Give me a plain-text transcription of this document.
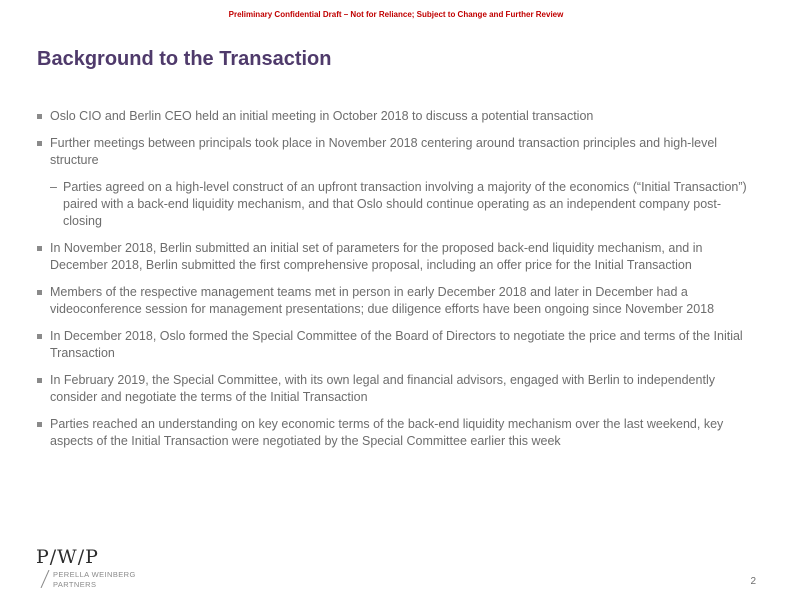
Preliminary Confidential Draft – Not for Reliance; Subject to Change and Further Review
Background to the Transaction
Oslo CIO and Berlin CEO held an initial meeting in October 2018 to discuss a potential transaction
Further meetings between principals took place in November 2018 centering around transaction principles and high-level structure
– Parties agreed on a high-level construct of an upfront transaction involving a majority of the economics (“Initial Transaction”) paired with a back-end liquidity mechanism, and that Oslo should continue operating as an independent company post-closing
In November 2018, Berlin submitted an initial set of parameters for the proposed back-end liquidity mechanism, and in December 2018, Berlin submitted the first comprehensive proposal, including an offer price for the Initial Transaction
Members of the respective management teams met in person in early December 2018 and later in December had a videoconference session for management presentations; due diligence efforts have been ongoing since November 2018
In December 2018, Oslo formed the Special Committee of the Board of Directors to negotiate the price and terms of the Initial Transaction
In February 2019, the Special Committee, with its own legal and financial advisors, engaged with Berlin to independently consider and negotiate the terms of the Initial Transaction
Parties reached an understanding on key economic terms of the back-end liquidity mechanism over the last weekend, key aspects of the Initial Transaction were negotiated by the Special Committee earlier this week
P/W/P
PERELLA WEINBERG
PARTNERS	2
